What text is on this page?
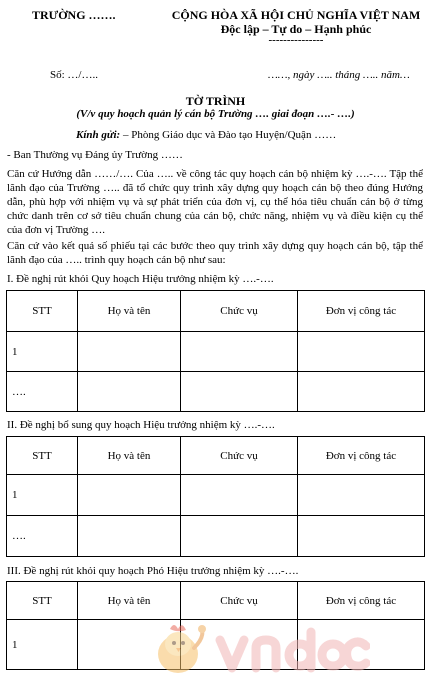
TRƯỜNG …….	CỘNG HÒA XÃ HỘI CHỦ NGHĨA VIỆT NAM
Độc lập – Tự do – Hạnh phúc
---------------
Số: …/…..	……, ngày ….. tháng ….. năm…
TỜ TRÌNH
(V/v quy hoạch quản lý cán bộ Trường …. giai đoạn ….- ….)
Kính gửi: – Phòng Giáo dục và Đào tạo Huyện/Quận ……
- Ban Thường vụ Đảng ủy Trường ……
Căn cứ Hướng dẫn ……/…. Của ….. về công tác quy hoạch cán bộ nhiệm kỳ ….-…. Tập thể lãnh đạo của Trường ….. đã tổ chức quy trình xây dựng quy hoạch cán bộ theo đúng Hướng dẫn, phù hợp với nhiệm vụ và sự phát triển của đơn vị, cụ thể hóa tiêu chuẩn cán bộ ở từng chức danh trên cơ sở tiêu chuẩn chung của cán bộ, chức năng, nhiệm vụ và điều kiện cụ thể của đơn vị Trường ….
Căn cứ vào kết quả số phiếu tại các bước theo quy trình xây dựng quy hoạch cán bộ, tập thể lãnh đạo của ….. trình quy hoạch cán bộ như sau:
I. Đề nghị rút khỏi Quy hoạch Hiệu trưởng nhiệm kỳ ….-….
STT	Họ và tên	Chức vụ	Đơn vị công tác
1			
….			
II. Đề nghị bổ sung quy hoạch Hiệu trưởng nhiệm kỳ ….-….
STT	Họ và tên	Chức vụ	Đơn vị công tác
1			
….			
III. Đề nghị rút khỏi quy hoạch Phó Hiệu trưởng nhiệm kỳ ….-….
STT	Họ và tên	Chức vụ	Đơn vị công tác
1			
